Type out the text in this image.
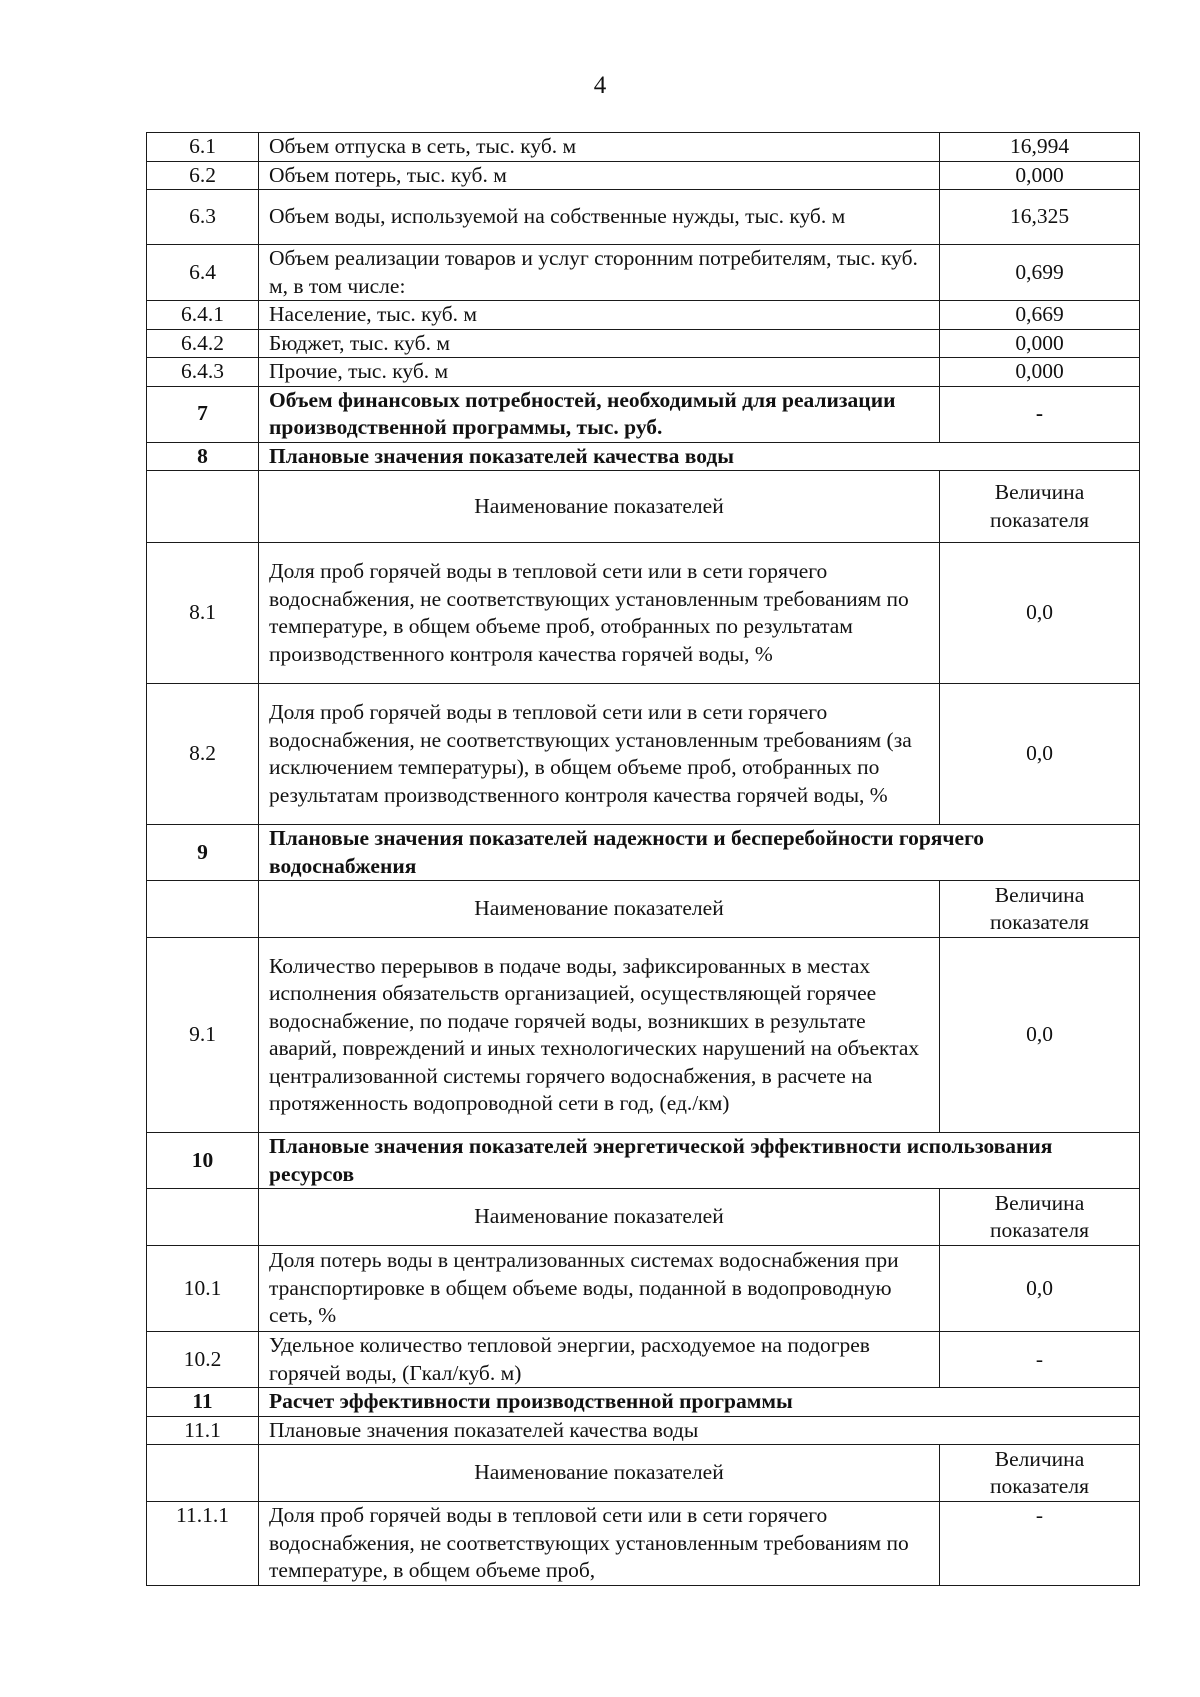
4
6.1	Объем отпуска в сеть, тыс. куб. м	16,994
6.2	Объем потерь, тыс. куб. м	0,000
6.3	Объем воды, используемой на собственные нужды, тыс. куб. м	16,325
6.4	Объем реализации товаров и услуг сторонним потребителям, тыс. куб. м, в том числе:	0,699
6.4.1	Население, тыс. куб. м	0,669
6.4.2	Бюджет, тыс. куб. м	0,000
6.4.3	Прочие, тыс. куб. м	0,000
7	Объем финансовых потребностей, необходимый для реализации производственной программы, тыс. руб.	-
8	Плановые значения показателей качества воды	
	Наименование показателей	Величина показателя
8.1	Доля проб горячей воды в тепловой сети или в сети горячего водоснабжения, не соответствующих установленным требованиям по температуре, в общем объеме проб, отобранных по результатам производственного контроля качества горячей воды, %	0,0
8.2	Доля проб горячей воды в тепловой сети или в сети горячего водоснабжения, не соответствующих установленным требованиям (за исключением температуры), в общем объеме проб, отобранных по результатам производственного контроля качества горячей воды, %	0,0
9	Плановые значения показателей надежности и бесперебойности горячего водоснабжения	
	Наименование показателей	Величина показателя
9.1	Количество перерывов в подаче воды, зафиксированных в местах исполнения обязательств организацией, осуществляющей горячее водоснабжение, по подаче горячей воды, возникших в результате аварий, повреждений и иных технологических нарушений на объектах централизованной системы горячего водоснабжения, в расчете на протяженность водопроводной сети в год, (ед./км)	0,0
10	Плановые значения показателей энергетической эффективности использования ресурсов	
	Наименование показателей	Величина показателя
10.1	Доля потерь воды в централизованных системах водоснабжения при транспортировке в общем объеме воды, поданной в водопроводную сеть, %	0,0
10.2	Удельное количество тепловой энергии, расходуемое на подогрев горячей воды, (Гкал/куб. м)	-
11	Расчет эффективности производственной программы	
11.1	Плановые значения показателей качества воды	
	Наименование показателей	Величина показателя
11.1.1	Доля проб горячей воды в тепловой сети или в сети горячего водоснабжения, не соответствующих установленным требованиям по температуре, в общем объеме проб,	-
